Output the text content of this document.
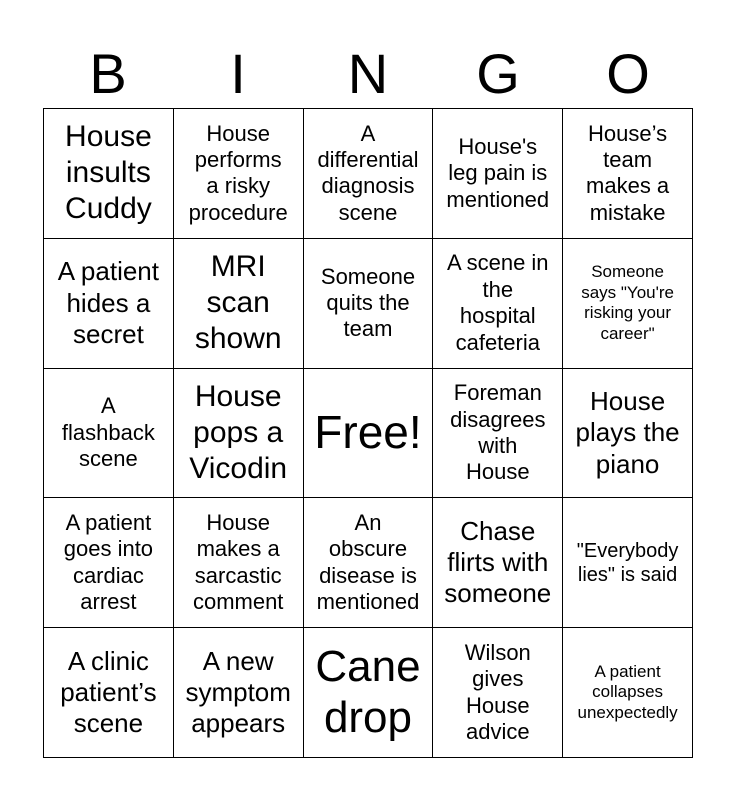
B	I	N	G	O
House
insults
Cuddy
House
performs
a risky
procedure
A
differential
diagnosis
scene
House's
leg pain is
mentioned
House’s
team
makes a
mistake
A patient
hides a
secret
MRI
scan
shown
Someone
quits the
team
A scene in
the
hospital
cafeteria
Someone
says "You're
risking your
career"
A
flashback
scene
House
pops a
Vicodin
Free!
Foreman
disagrees
with
House
House
plays the
piano
A patient
goes into
cardiac
arrest
House
makes a
sarcastic
comment
An
obscure
disease is
mentioned
Chase
flirts with
someone
"Everybody
lies" is said
A clinic
patient’s
scene
A new
symptom
appears
Cane
drop
Wilson
gives
House
advice
A patient
collapses
unexpectedly
